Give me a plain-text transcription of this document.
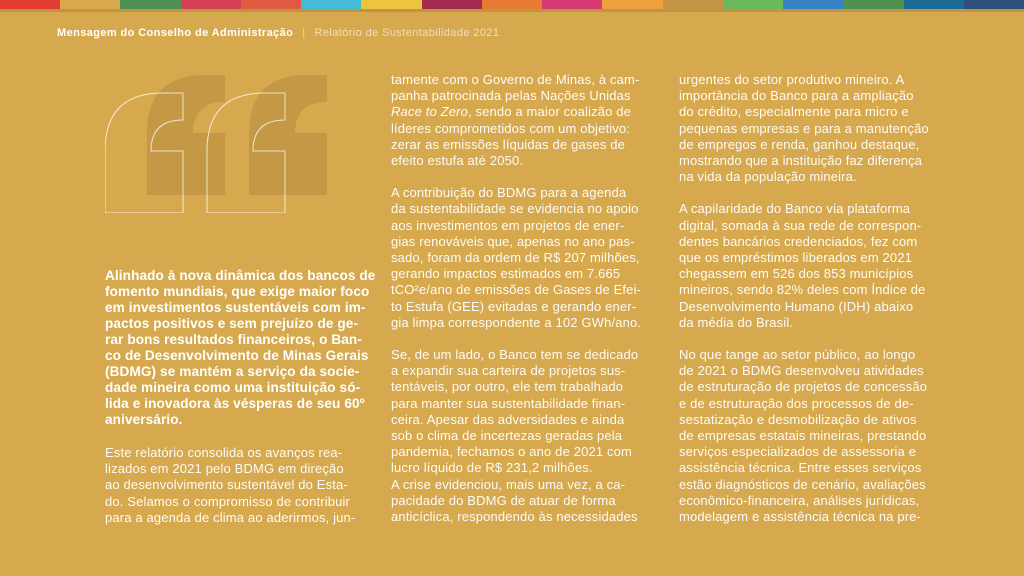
Mensagem do Conselho de Administração | Relatório de Sustentabilidade 2021
Alinhado à nova dinâmica dos bancos de
fomento mundiais, que exige maior foco
em investimentos sustentáveis com im-
pactos positivos e sem prejuízo de ge-
rar bons resultados financeiros, o Ban-
co de Desenvolvimento de Minas Gerais
(BDMG) se mantém a serviço da socie-
dade mineira como uma instituição só-
lida e inovadora às vésperas de seu 60º
aniversário.
Este relatório consolida os avanços rea-
lizados em 2021 pelo BDMG em direção
ao desenvolvimento sustentável do Esta-
do. Selamos o compromisso de contribuir
para a agenda de clima ao aderirmos, jun-
tamente com o Governo de Minas, à cam-
panha patrocinada pelas Nações Unidas
Race to Zero, sendo a maior coalizão de
líderes comprometidos com um objetivo:
zerar as emissões líquidas de gases de
efeito estufa até 2050.
A contribuição do BDMG para a agenda
da sustentabilidade se evidencia no apoio
aos investimentos em projetos de ener-
gias renováveis que, apenas no ano pas-
sado, foram da ordem de R$ 207 milhões,
gerando impactos estimados em 7.665
tCO²e/ano de emissões de Gases de Efei-
to Estufa (GEE) evitadas e gerando ener-
gia limpa correspondente a 102 GWh/ano.
Se, de um lado, o Banco tem se dedicado
a expandir sua carteira de projetos sus-
tentáveis, por outro, ele tem trabalhado
para manter sua sustentabilidade finan-
ceira. Apesar das adversidades e ainda
sob o clima de incertezas geradas pela
pandemia, fechamos o ano de 2021 com
lucro líquido de R$ 231,2 milhões.
A crise evidenciou, mais uma vez, a ca-
pacidade do BDMG de atuar de forma
anticíclica, respondendo às necessidades
urgentes do setor produtivo mineiro. A
importância do Banco para a ampliação
do crédito, especialmente para micro e
pequenas empresas e para a manutenção
de empregos e renda, ganhou destaque,
mostrando que a instituição faz diferença
na vida da população mineira.
A capilaridade do Banco via plataforma
digital, somada à sua rede de correspon-
dentes bancários credenciados, fez com
que os empréstimos liberados em 2021
chegassem em 526 dos 853 municípios
mineiros, sendo 82% deles com Índice de
Desenvolvimento Humano (IDH) abaixo
da média do Brasil.
No que tange ao setor público, ao longo
de 2021 o BDMG desenvolveu atividades
de estruturação de projetos de concessão
e de estruturação dos processos de de-
sestatização e desmobilização de ativos
de empresas estatais mineiras, prestando
serviços especializados de assessoria e
assistência técnica. Entre esses serviços
estão diagnósticos de cenário, avaliações
econômico-financeira, análises jurídicas,
modelagem e assistência técnica na pre-
